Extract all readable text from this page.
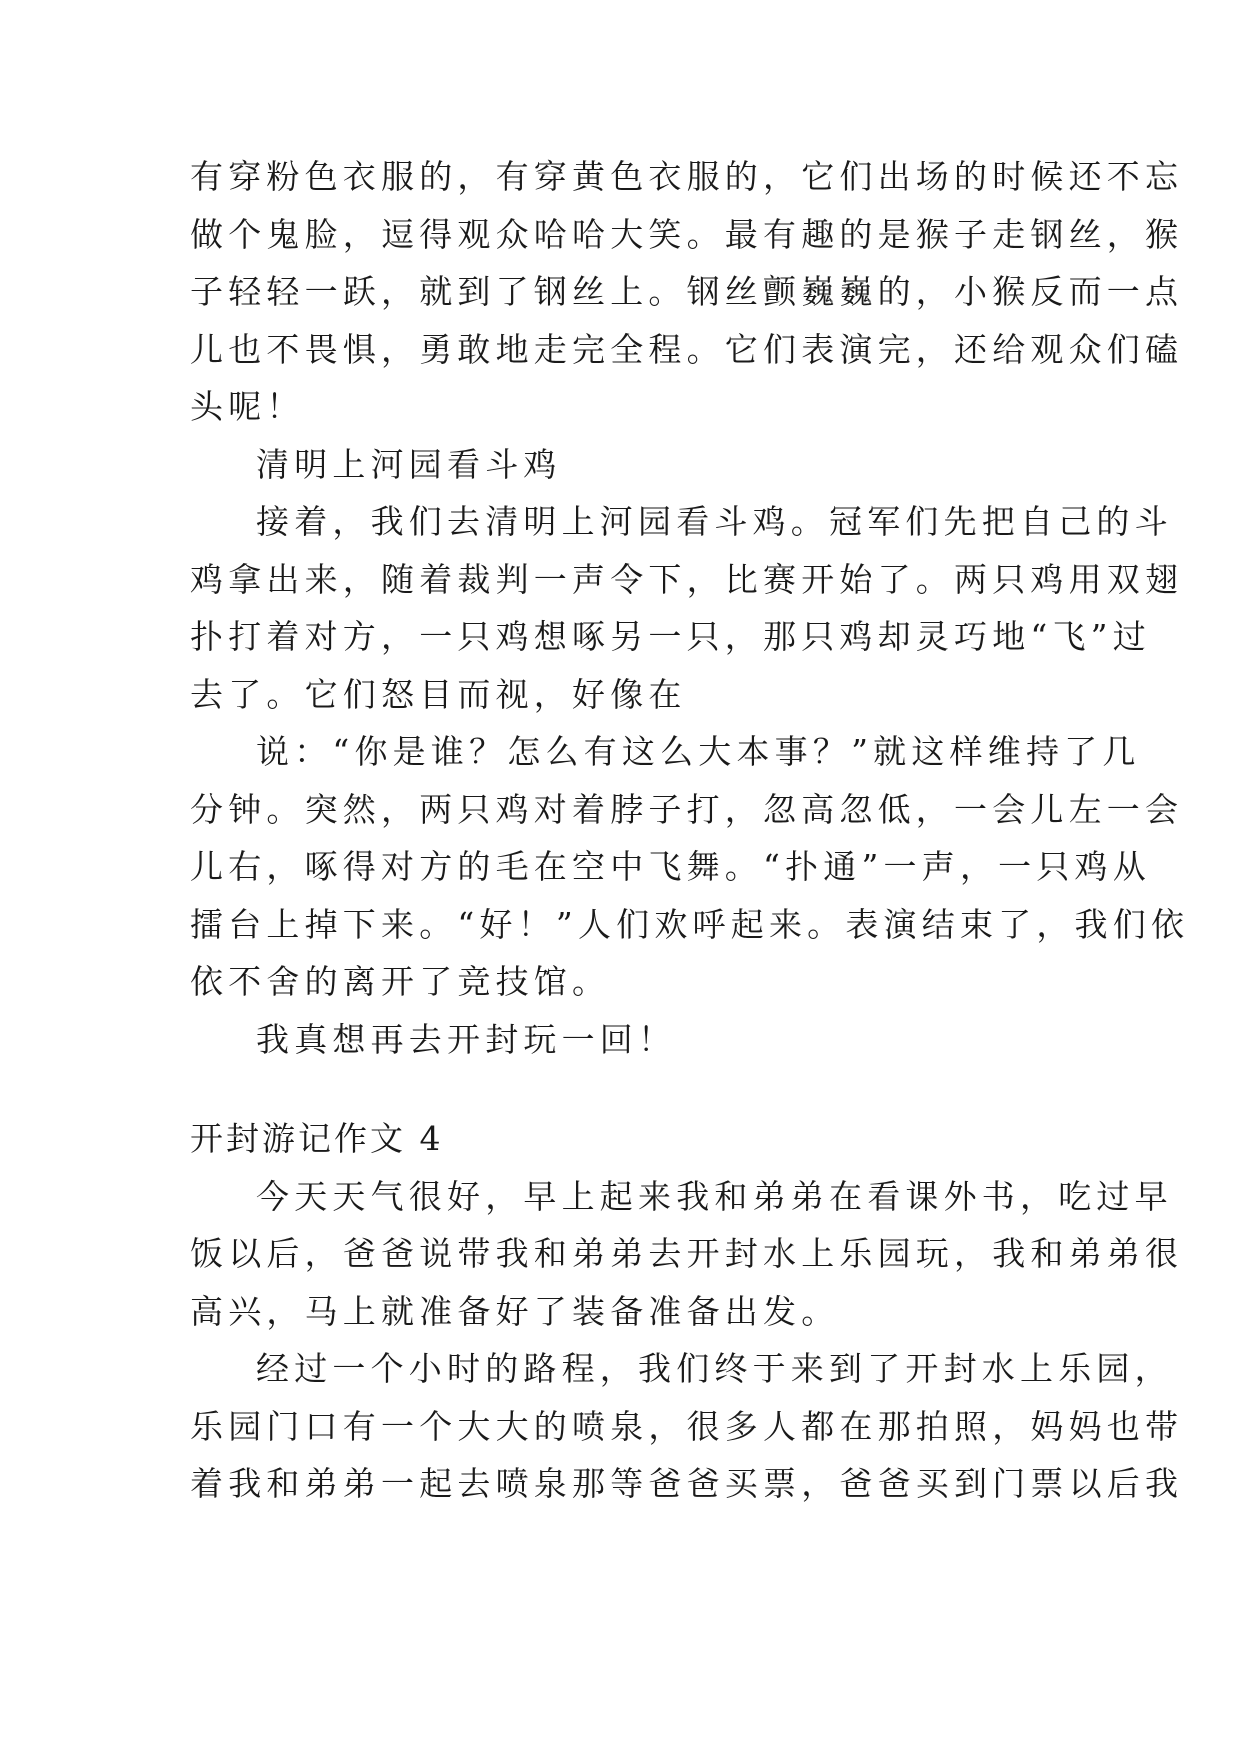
有穿粉色衣服的，有穿黄色衣服的，它们出场的时候还不忘
做个鬼脸，逗得观众哈哈大笑。最有趣的是猴子走钢丝，猴
子轻轻一跃，就到了钢丝上。钢丝颤巍巍的，小猴反而一点
儿也不畏惧，勇敢地走完全程。它们表演完，还给观众们磕
头呢！
清明上河园看斗鸡
接着，我们去清明上河园看斗鸡。冠军们先把自己的斗
鸡拿出来，随着裁判一声令下，比赛开始了。两只鸡用双翅
扑打着对方，一只鸡想啄另一只，那只鸡却灵巧地“飞”过
去了。它们怒目而视，好像在
说：“你是谁？怎么有这么大本事？”就这样维持了几
分钟。突然，两只鸡对着脖子打，忽高忽低，一会儿左一会
儿右，啄得对方的毛在空中飞舞。“扑通”一声，一只鸡从
擂台上掉下来。“好！”人们欢呼起来。表演结束了，我们依
依不舍的离开了竞技馆。
我真想再去开封玩一回！
开封游记作文 4
今天天气很好，早上起来我和弟弟在看课外书，吃过早
饭以后，爸爸说带我和弟弟去开封水上乐园玩，我和弟弟很
高兴，马上就准备好了装备准备出发。
经过一个小时的路程，我们终于来到了开封水上乐园，
乐园门口有一个大大的喷泉，很多人都在那拍照，妈妈也带
着我和弟弟一起去喷泉那等爸爸买票，爸爸买到门票以后我
